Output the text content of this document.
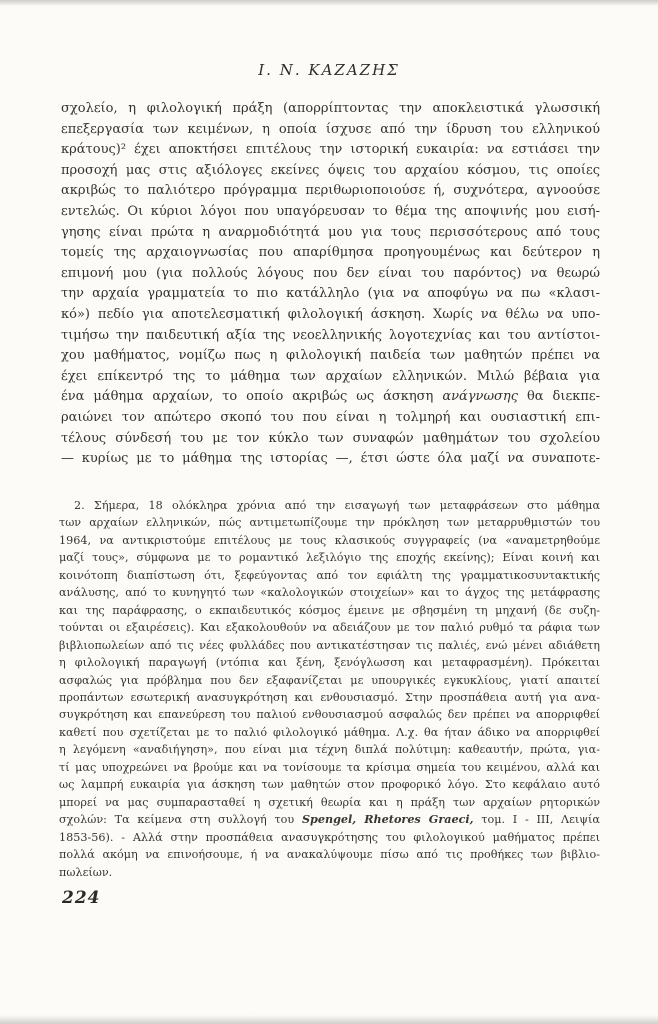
Ι. Ν. ΚΑΖΑΖΗΣ
σχολείο, η φιλολογική πράξη (απορρίπτοντας την αποκλειστικά γλωσσική
επεξεργασία των κειμένων, η οποία ίσχυσε από την ίδρυση του ελληνικού
κράτους)² έχει αποκτήσει επιτέλους την ιστορική ευκαιρία: να εστιάσει την
προσοχή μας στις αξιόλογες εκείνες όψεις του αρχαίου κόσμου, τις οποίες
ακριβώς το παλιότερο πρόγραμμα περιθωριοποιούσε ή, συχνότερα, αγνοούσε
εντελώς. Οι κύριοι λόγοι που υπαγόρευσαν το θέμα της αποψινής μου εισή-
γησης είναι πρώτα η αναρμοδιότητά μου για τους περισσότερους από τους
τομείς της αρχαιογνωσίας που απαρίθμησα προηγουμένως και δεύτερον η
επιμονή μου (για πολλούς λόγους που δεν είναι του παρόντος) να θεωρώ
την αρχαία γραμματεία το πιο κατάλληλο (για να αποφύγω να πω «κλασι-
κό») πεδίο για αποτελεσματική φιλολογική άσκηση. Χωρίς να θέλω να υπο-
τιμήσω την παιδευτική αξία της νεοελληνικής λογοτεχνίας και του αντίστοι-
χου μαθήματος, νομίζω πως η φιλολογική παιδεία των μαθητών πρέπει να
έχει επίκεντρό της το μάθημα των αρχαίων ελληνικών. Μιλώ βέβαια για
ένα μάθημα αρχαίων, το οποίο ακριβώς ως άσκηση ανάγνωσης θα διεκπε-
ραιώνει τον απώτερο σκοπό του που είναι η τολμηρή και ουσιαστική επι-
τέλους σύνδεσή του με τον κύκλο των συναφών μαθημάτων του σχολείου
— κυρίως με το μάθημα της ιστορίας —, έτσι ώστε όλα μαζί να συναποτε-
2. Σήμερα, 18 ολόκληρα χρόνια από την εισαγωγή των μεταφράσεων στο μάθημα
των αρχαίων ελληνικών, πώς αντιμετωπίζουμε την πρόκληση των μεταρρυθμιστών του
1964, να αντικριστούμε επιτέλους με τους κλασικούς συγγραφείς (να «αναμετρηθούμε
μαζί τους», σύμφωνα με το ρομαντικό λεξιλόγιο της εποχής εκείνης); Είναι κοινή και
κοινότοπη διαπίστωση ότι, ξεφεύγοντας από τον εφιάλτη της γραμματικοσυντακτικής
ανάλυσης, από το κυνηγητό των «καλολογικών στοιχείων» και το άγχος της μετάφρασης
και της παράφρασης, ο εκπαιδευτικός κόσμος έμεινε με σβησμένη τη μηχανή (δε συζη-
τούνται οι εξαιρέσεις). Και εξακολουθούν να αδειάζουν με τον παλιό ρυθμό τα ράφια των
βιβλιοπωλείων από τις νέες φυλλάδες που αντικατέστησαν τις παλιές, ενώ μένει αδιάθετη
η φιλολογική παραγωγή (ντόπια και ξένη, ξενόγλωσση και μεταφρασμένη). Πρόκειται
ασφαλώς για πρόβλημα που δεν εξαφανίζεται με υπουργικές εγκυκλίους, γιατί απαιτεί
προπάντων εσωτερική ανασυγκρότηση και ενθουσιασμό. Στην προσπάθεια αυτή για ανα-
συγκρότηση και επανεύρεση του παλιού ενθουσιασμού ασφαλώς δεν πρέπει να απορριφθεί
καθετί που σχετίζεται με το παλιό φιλολογικό μάθημα. Λ.χ. θα ήταν άδικο να απορριφθεί
η λεγόμενη «αναδιήγηση», που είναι μια τέχνη διπλά πολύτιμη: καθεαυτήν, πρώτα, για-
τί μας υποχρεώνει να βρούμε και να τονίσουμε τα κρίσιμα σημεία του κειμένου, αλλά και
ως λαμπρή ευκαιρία για άσκηση των μαθητών στον προφορικό λόγο. Στο κεφάλαιο αυτό
μπορεί να μας συμπαρασταθεί η σχετική θεωρία και η πράξη των αρχαίων ρητορικών
σχολών: Τα κείμενα στη συλλογή του Spengel, Rhetores Graeci, τομ. I - III, Λειψία
1853-56). - Αλλά στην προσπάθεια ανασυγκρότησης του φιλολογικού μαθήματος πρέπει
πολλά ακόμη να επινοήσουμε, ή να ανακαλύψουμε πίσω από τις προθήκες των βιβλιο-
πωλείων.
224
